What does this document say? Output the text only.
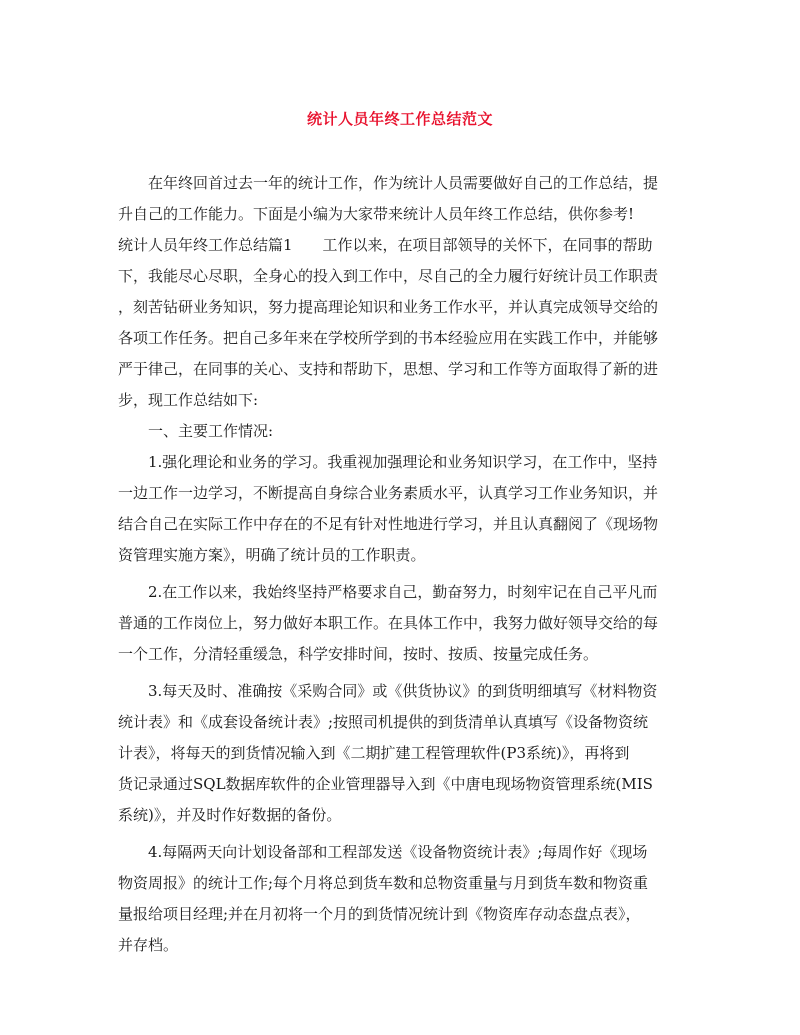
统计人员年终工作总结范文
在年终回首过去一年的统计工作，作为统计人员需要做好自己的工作总结，提
升自己的工作能力。下面是小编为大家带来统计人员年终工作总结，供你参考!
统计人员年终工作总结篇1　　工作以来，在项目部领导的关怀下，在同事的帮助
下，我能尽心尽职，全身心的投入到工作中，尽自己的全力履行好统计员工作职责
，刻苦钻研业务知识，努力提高理论知识和业务工作水平，并认真完成领导交给的
各项工作任务。把自己多年来在学校所学到的书本经验应用在实践工作中，并能够
严于律己，在同事的关心、支持和帮助下，思想、学习和工作等方面取得了新的进
步，现工作总结如下:
一、主要工作情况:
1.强化理论和业务的学习。我重视加强理论和业务知识学习，在工作中，坚持
一边工作一边学习，不断提高自身综合业务素质水平，认真学习工作业务知识，并
结合自己在实际工作中存在的不足有针对性地进行学习，并且认真翻阅了《现场物
资管理实施方案》，明确了统计员的工作职责。
2.在工作以来，我始终坚持严格要求自己，勤奋努力，时刻牢记在自己平凡而
普通的工作岗位上，努力做好本职工作。在具体工作中，我努力做好领导交给的每
一个工作，分清轻重缓急，科学安排时间，按时、按质、按量完成任务。
3.每天及时、准确按《采购合同》或《供货协议》的到货明细填写《材料物资
统计表》和《成套设备统计表》;按照司机提供的到货清单认真填写《设备物资统
计表》，将每天的到货情况输入到《二期扩建工程管理软件(P3系统)》，再将到
货记录通过SQL数据库软件的企业管理器导入到《中唐电现场物资管理系统(MIS
系统)》，并及时作好数据的备份。
4.每隔两天向计划设备部和工程部发送《设备物资统计表》;每周作好《现场
物资周报》的统计工作;每个月将总到货车数和总物资重量与月到货车数和物资重
量报给项目经理;并在月初将一个月的到货情况统计到《物资库存动态盘点表》，
并存档。
